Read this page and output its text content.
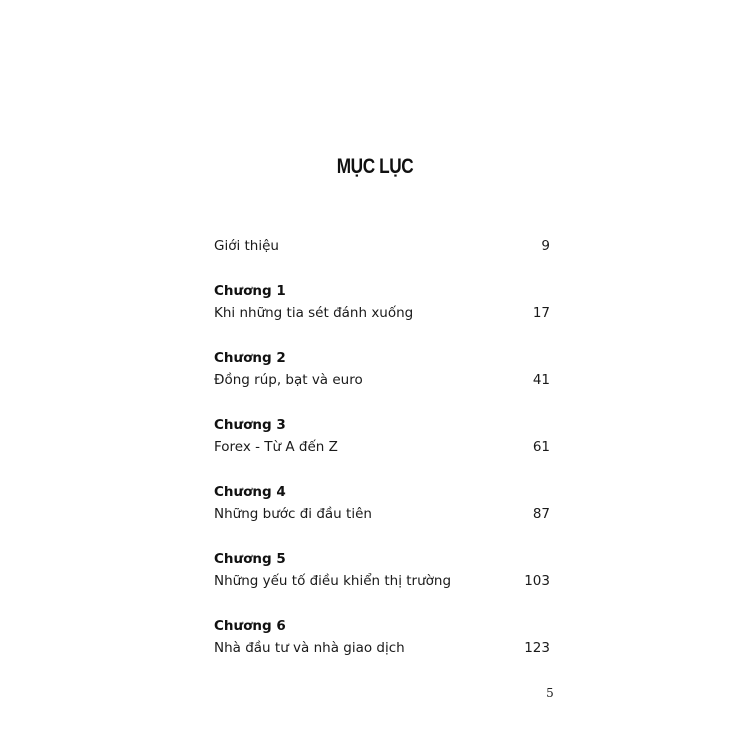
MỤC LỤC
Giới thiệu	9
Chương 1
Khi những tia sét đánh xuống	17
Chương 2
Đồng rúp, bạt và euro	41
Chương 3
Forex - Từ A đến Z	61
Chương 4
Những bước đi đầu tiên	87
Chương 5
Những yếu tố điều khiển thị trường	103
Chương 6
Nhà đầu tư và nhà giao dịch	123
5
